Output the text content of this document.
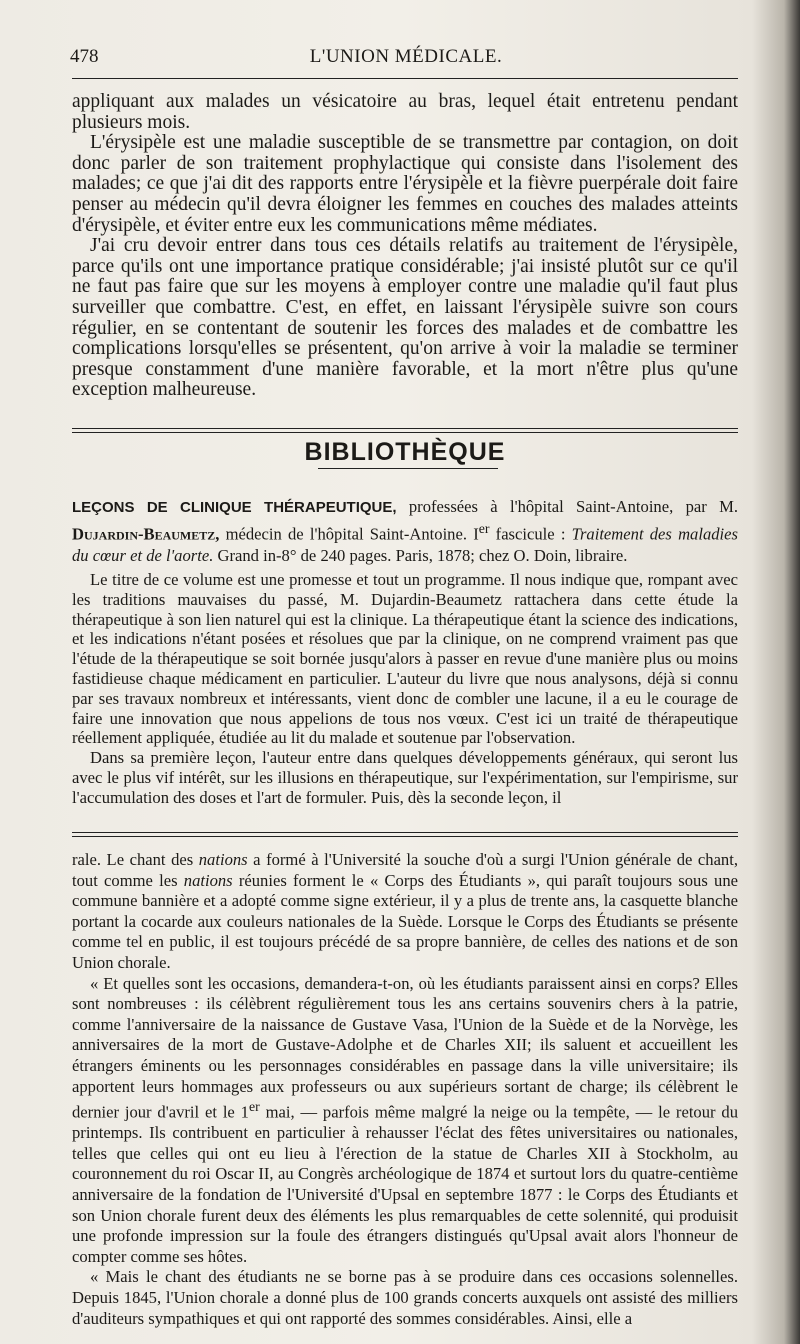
478	L'UNION MÉDICALE.

appliquant aux malades un vésicatoire au bras, lequel était entretenu pendant plusieurs mois.

L'érysipèle est une maladie susceptible de se transmettre par contagion, on doit donc parler de son traitement prophylactique qui consiste dans l'isolement des malades; ce que j'ai dit des rapports entre l'érysipèle et la fièvre puerpérale doit faire penser au médecin qu'il devra éloigner les femmes en couches des malades atteints d'érysipèle, et éviter entre eux les communications même médiates.

J'ai cru devoir entrer dans tous ces détails relatifs au traitement de l'érysipèle, parce qu'ils ont une importance pratique considérable; j'ai insisté plutôt sur ce qu'il ne faut pas faire que sur les moyens à employer contre une maladie qu'il faut plus surveiller que combattre. C'est, en effet, en laissant l'érysipèle suivre son cours régulier, en se contentant de soutenir les forces des malades et de combattre les complications lorsqu'elles se présentent, qu'on arrive à voir la maladie se terminer presque constamment d'une manière favorable, et la mort n'être plus qu'une exception malheureuse.

BIBLIOTHÈQUE

LEÇONS DE CLINIQUE THÉRAPEUTIQUE, professées à l'hôpital Saint-Antoine, par M. Dujardin-Beaumetz, médecin de l'hôpital Saint-Antoine. Ier fascicule : Traitement des maladies du cœur et de l'aorte. Grand in-8° de 240 pages. Paris, 1878; chez O. Doin, libraire.

Le titre de ce volume est une promesse et tout un programme. Il nous indique que, rompant avec les traditions mauvaises du passé, M. Dujardin-Beaumetz rattachera dans cette étude la thérapeutique à son lien naturel qui est la clinique. La thérapeutique étant la science des indications, et les indications n'étant posées et résolues que par la clinique, on ne comprend vraiment pas que l'étude de la thérapeutique se soit bornée jusqu'alors à passer en revue d'une manière plus ou moins fastidieuse chaque médicament en particulier. L'auteur du livre que nous analysons, déjà si connu par ses travaux nombreux et intéressants, vient donc de combler une lacune, il a eu le courage de faire une innovation que nous appelions de tous nos vœux. C'est ici un traité de thérapeutique réellement appliquée, étudiée au lit du malade et soutenue par l'observation.

Dans sa première leçon, l'auteur entre dans quelques développements généraux, qui seront lus avec le plus vif intérêt, sur les illusions en thérapeutique, sur l'expérimentation, sur l'empirisme, sur l'accumulation des doses et l'art de formuler. Puis, dès la seconde leçon, il

rale. Le chant des nations a formé à l'Université la souche d'où a surgi l'Union générale de chant, tout comme les nations réunies forment le « Corps des Étudiants », qui paraît toujours sous une commune bannière et a adopté comme signe extérieur, il y a plus de trente ans, la casquette blanche portant la cocarde aux couleurs nationales de la Suède. Lorsque le Corps des Étudiants se présente comme tel en public, il est toujours précédé de sa propre bannière, de celles des nations et de son Union chorale.

« Et quelles sont les occasions, demandera-t-on, où les étudiants paraissent ainsi en corps? Elles sont nombreuses : ils célèbrent régulièrement tous les ans certains souvenirs chers à la patrie, comme l'anniversaire de la naissance de Gustave Vasa, l'Union de la Suède et de la Norvège, les anniversaires de la mort de Gustave-Adolphe et de Charles XII; ils saluent et accueillent les étrangers éminents ou les personnages considérables en passage dans la ville universitaire; ils apportent leurs hommages aux professeurs ou aux supérieurs sortant de charge; ils célèbrent le dernier jour d'avril et le 1er mai, — parfois même malgré la neige ou la tempête, — le retour du printemps. Ils contribuent en particulier à rehausser l'éclat des fêtes universitaires ou nationales, telles que celles qui ont eu lieu à l'érection de la statue de Charles XII à Stockholm, au couronnement du roi Oscar II, au Congrès archéologique de 1874 et surtout lors du quatre-centième anniversaire de la fondation de l'Université d'Upsal en septembre 1877 : le Corps des Étudiants et son Union chorale furent deux des éléments les plus remarquables de cette solennité, qui produisit une profonde impression sur la foule des étrangers distingués qu'Upsal avait alors l'honneur de compter comme ses hôtes.

« Mais le chant des étudiants ne se borne pas à se produire dans ces occasions solennelles. Depuis 1845, l'Union chorale a donné plus de 100 grands concerts auxquels ont assisté des milliers d'auditeurs sympathiques et qui ont rapporté des sommes considérables. Ainsi, elle a
